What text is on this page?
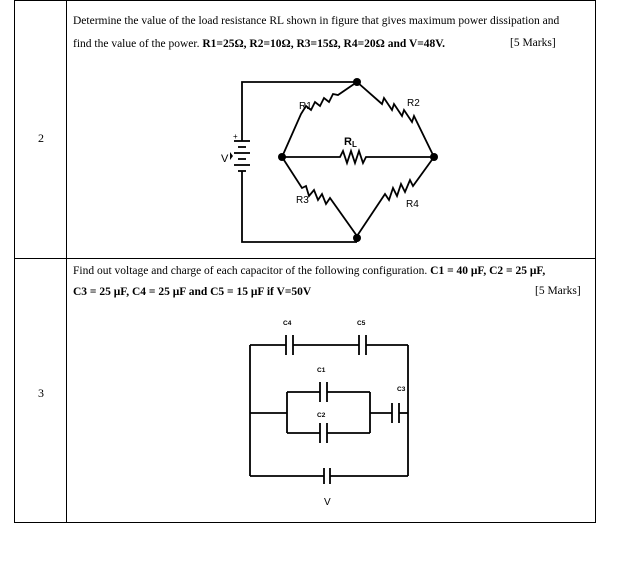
2
Determine the value of the load resistance RL shown in figure that gives maximum power dissipation and
find the value of the power. R1=25Ω, R2=10Ω, R3=15Ω, R4=20Ω and V=48V.	[5 Marks]
R1	R2
R3	R4
V
+	RL
3
Find out voltage and charge of each capacitor of the following configuration. C1 = 40 μF, C2 = 25 μF,
C3 = 25 μF, C4 = 25 μF and C5 = 15 μF if V=50V	[5 Marks]
C4	C5
C1
C2
C3
V
